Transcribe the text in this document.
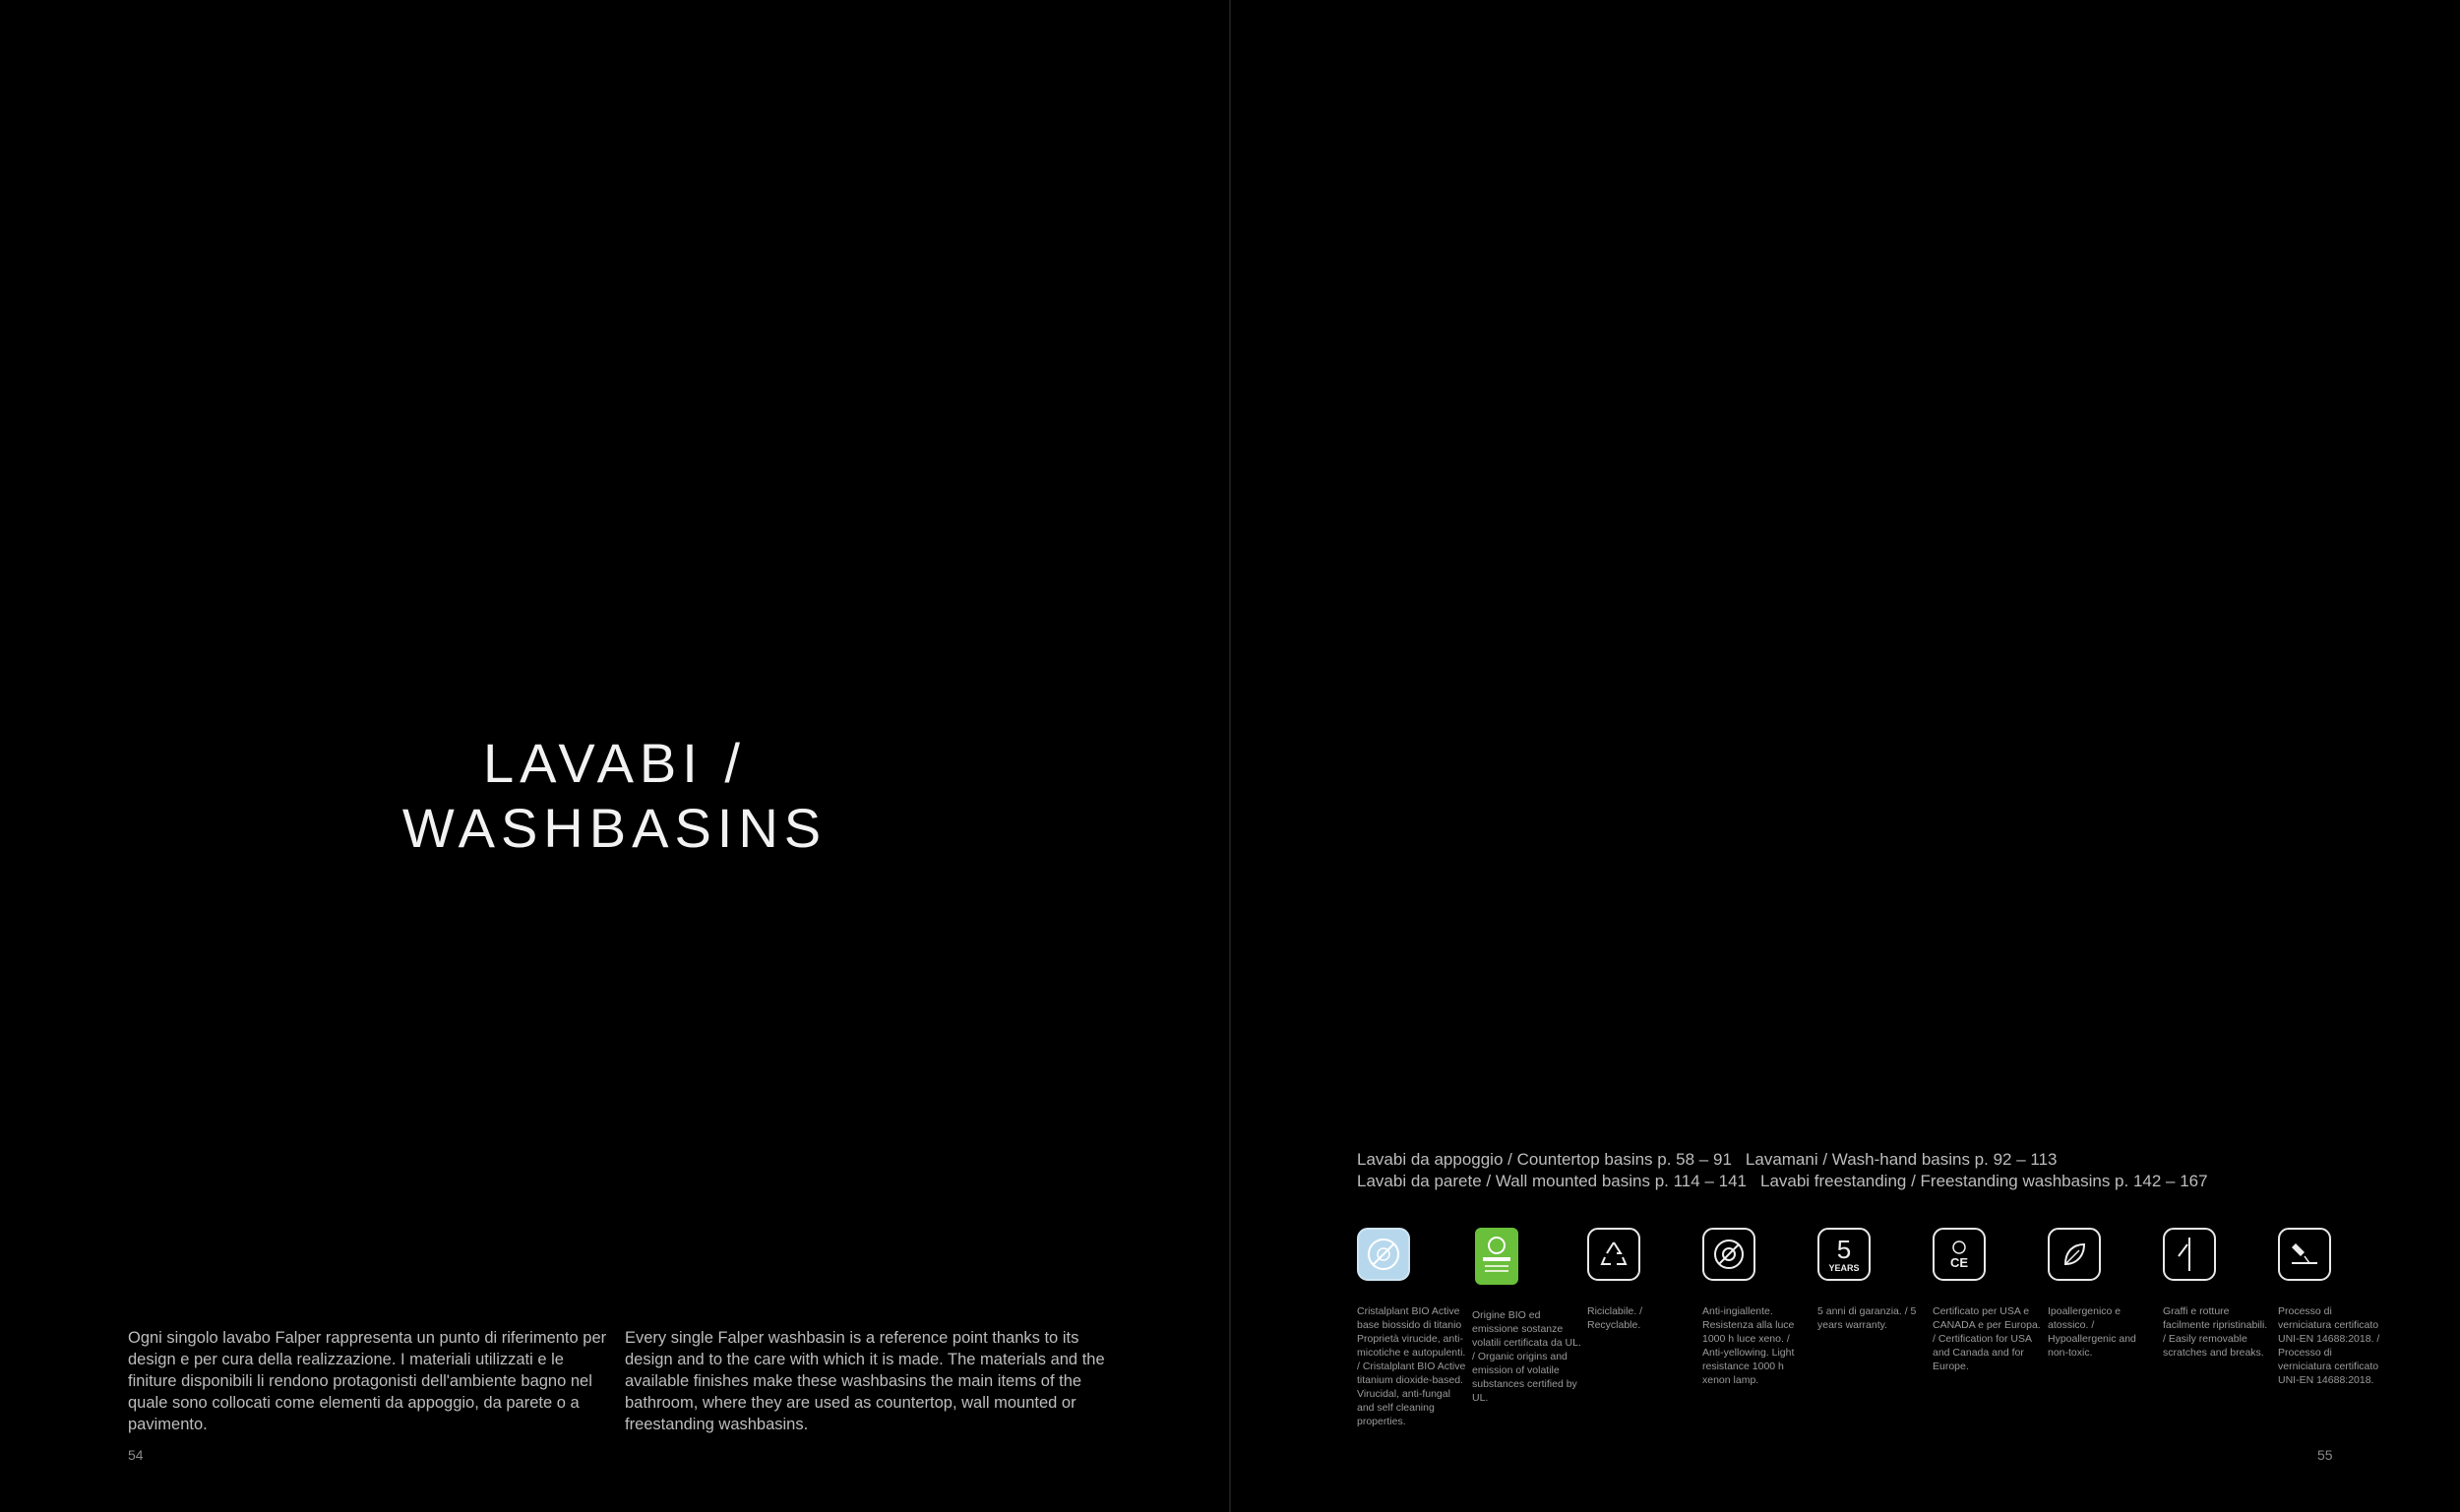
LAVABI /
WASHBASINS

Ogni singolo lavabo Falper rappresenta un punto di riferimento per design e per cura della realizzazione. I materiali utilizzati e le finiture disponibili li rendono protagonisti dell'ambiente bagno nel quale sono collocati come elementi da appoggio, da parete o a pavimento.

Every single Falper washbasin is a reference point thanks to its design and to the care with which it is made. The materials and the available finishes make these washbasins the main items of the bathroom, where they are used as countertop, wall mounted or freestanding washbasins.

54
Lavabi da appoggio / Countertop basins p. 58 – 91 Lavamani / Wash-hand basins p. 92 – 113
Lavabi da parete / Wall mounted basins p. 114 – 141 Lavabi freestanding / Freestanding washbasins p. 142 – 167
Cristalplant BIO Active base biossido di titanio Proprietà virucide, anti-micotiche e autopulenti. / Cristalplant BIO Active titanium dioxide-based. Virucidal, anti-fungal and self cleaning properties.
Origine BIO ed emissione sostanze volatili certificata da UL. / Organic origins and emission of volatile substances certified by UL.
Riciclabile. / Recyclable.
Anti-ingiallente. Resistenza alla luce 1000 h luce xeno. / Anti-yellowing. Light resistance 1000 h xenon lamp.
5
YEARS
5 anni di garanzia. / 5 years warranty.
CE
Certificato per USA e CANADA e per Europa. / Certification for USA and Canada and for Europe.
Ipoallergenico e atossico. / Hypoallergenic and non-toxic.
Graffi e rotture facilmente ripristinabili. / Easily removable scratches and breaks.
Processo di verniciatura certificato UNI-EN 14688:2018. / Processo di verniciatura certificato UNI-EN 14688:2018.
55
